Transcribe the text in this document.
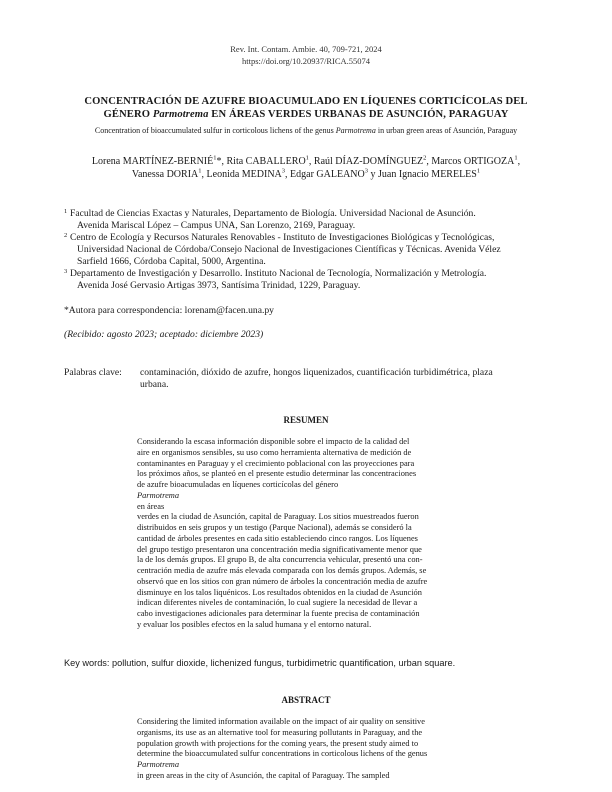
Rev. Int. Contam. Ambie. 40, 709-721, 2024
https://doi.org/10.20937/RICA.55074
CONCENTRACIÓN DE AZUFRE BIOACUMULADO EN LÍQUENES CORTICÍCOLAS DEL
GÉNERO Parmotrema EN ÁREAS VERDES URBANAS DE ASUNCIÓN, PARAGUAY
Concentration of bioaccumulated sulfur in corticolous lichens of the genus Parmotrema in urban green areas of Asunción, Paraguay
Lorena MARTÍNEZ-BERNIÉ$^1$*, Rita CABALLERO$^1$, Raúl DÍAZ-DOMÍNGUEZ$^2$, Marcos ORTIGOZA$^1$,
Vanessa DORIA$^1$, Leonida MEDINA$^3$, Edgar GALEANO$^3$ y Juan Ignacio MERELES$^1$
1 Facultad de Ciencias Exactas y Naturales, Departamento de Biología. Universidad Nacional de Asunción.
Avenida Mariscal López – Campus UNA, San Lorenzo, 2169, Paraguay.
2 Centro de Ecología y Recursos Naturales Renovables - Instituto de Investigaciones Biológicas y Tecnológicas,
Universidad Nacional de Córdoba/Consejo Nacional de Investigaciones Científicas y Técnicas. Avenida Vélez
Sarfield 1666, Córdoba Capital, 5000, Argentina.
3 Departamento de Investigación y Desarrollo. Instituto Nacional de Tecnología, Normalización y Metrología.
Avenida José Gervasio Artigas 3973, Santísima Trinidad, 1229, Paraguay.
*Autora para correspondencia: lorenam@facen.una.py
(Recibido: agosto 2023; aceptado: diciembre 2023)
Palabras clave: contaminación, dióxido de azufre, hongos liquenizados, cuantificación turbidimétrica, plaza
urbana.
RESUMEN
Considerando la escasa información disponible sobre el impacto de la calidad del
aire en organismos sensibles, su uso como herramienta alternativa de medición de
contaminantes en Paraguay y el crecimiento poblacional con las proyecciones para
los próximos años, se planteó en el presente estudio determinar las concentraciones
de azufre bioacumuladas en líquenes corticícolas del género
Parmotrema
en áreas
verdes en la ciudad de Asunción, capital de Paraguay. Los sitios muestreados fueron
distribuidos en seis grupos y un testigo (Parque Nacional), además se consideró la
cantidad de árboles presentes en cada sitio estableciendo cinco rangos. Los líquenes
del grupo testigo presentaron una concentración media significativamente menor que
la de los demás grupos. El grupo B, de alta concurrencia vehicular, presentó una con-
centración media de azufre más elevada comparada con los demás grupos. Además, se
observó que en los sitios con gran número de árboles la concentración media de azufre
disminuye en los talos liquénicos. Los resultados obtenidos en la ciudad de Asunción
indican diferentes niveles de contaminación, lo cual sugiere la necesidad de llevar a
cabo investigaciones adicionales para determinar la fuente precisa de contaminación
y evaluar los posibles efectos en la salud humana y el entorno natural.
Key words: pollution, sulfur dioxide, lichenized fungus, turbidimetric quantification, urban square.
ABSTRACT
Considering the limited information available on the impact of air quality on sensitive
organisms, its use as an alternative tool for measuring pollutants in Paraguay, and the
population growth with projections for the coming years, the present study aimed to
determine the bioaccumulated sulfur concentrations in corticolous lichens of the genus
Parmotrema
in green areas in the city of Asunción, the capital of Paraguay. The sampled
